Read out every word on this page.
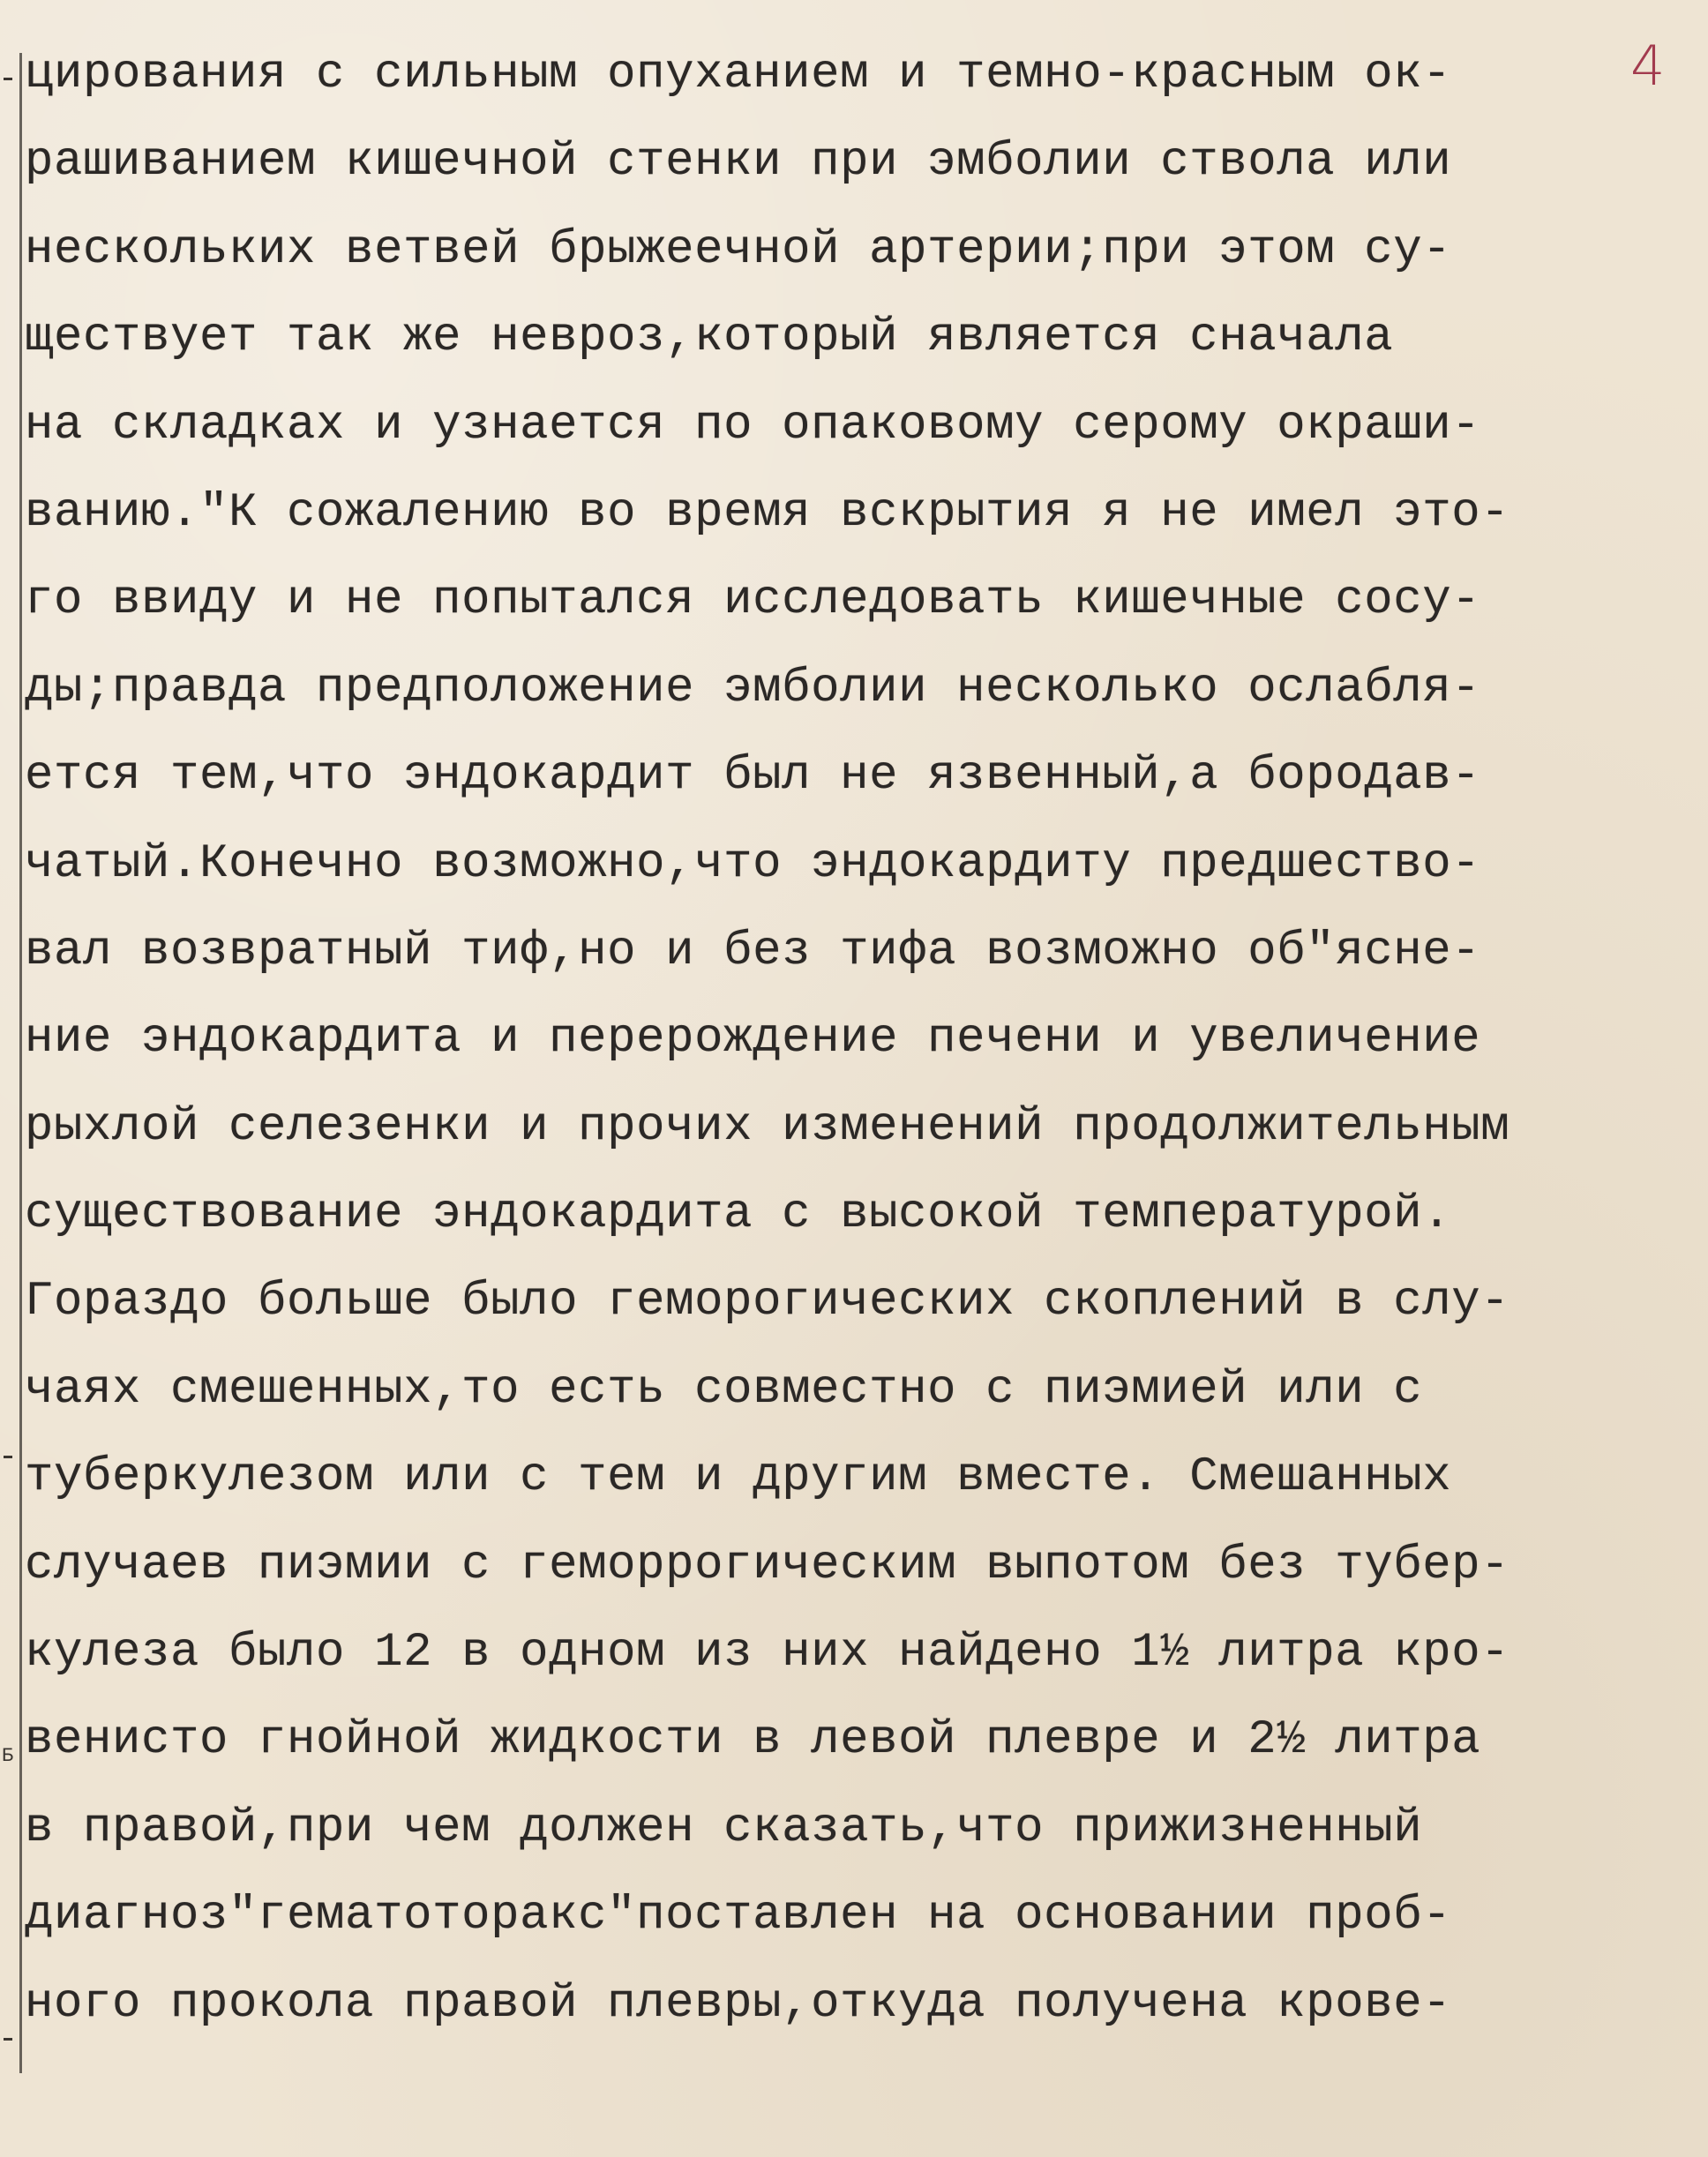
4
Б
цирования с сильным опуханием и темно-красным ок-
рашиванием кишечной стенки при эмболии ствола или
нескольких ветвей брыжеечной артерии;при этом су-
ществует так же невроз,который является сначала
на складках и узнается по опаковому серому окраши-
ванию."К сожалению во время вскрытия я не имел это-
го ввиду и не попытался исследовать кишечные сосу-
ды;правда предположение эмболии несколько ослабля-
ется тем,что эндокардит был не язвенный,а бородав-
чатый.Конечно возможно,что эндокардиту предшество-
вал возвратный тиф,но и без тифа возможно об"ясне-
ние эндокардита и перерождение печени и увеличение
рыхлой селезенки и прочих изменений продолжительным
существование эндокардита с высокой температурой.
Гораздо больше было геморогических скоплений в слу-
чаях смешенных,то есть совместно с пиэмией или с
туберкулезом или с тем и другим вместе. Смешанных
случаев пиэмии с геморрогическим выпотом без тубер-
кулеза было 12 в одном из них найдено 1½ литра кро-
венисто гнойной жидкости в левой плевре и 2½ литра
в правой,при чем должен сказать,что прижизненный
диагноз"гематоторакс"поставлен на основании проб-
ного прокола правой плевры,откуда получена крове-
